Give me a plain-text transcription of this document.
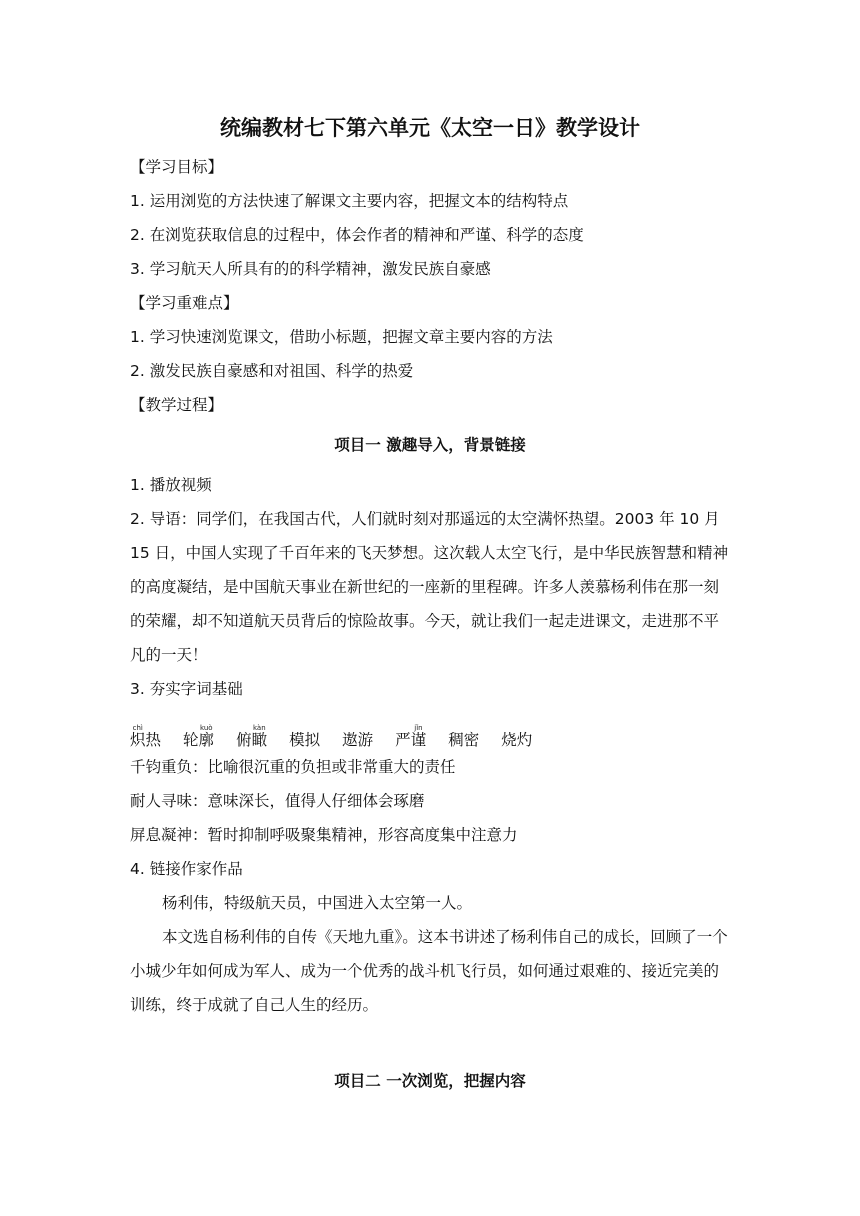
统编教材七下第六单元《太空一日》教学设计
【学习目标】
1. 运用浏览的方法快速了解课文主要内容，把握文本的结构特点
2. 在浏览获取信息的过程中，体会作者的精神和严谨、科学的态度
3. 学习航天人所具有的的科学精神，激发民族自豪感
【学习重难点】
1. 学习快速浏览课文，借助小标题，把握文章主要内容的方法
2. 激发民族自豪感和对祖国、科学的热爱
【教学过程】
项目一 激趣导入，背景链接
1. 播放视频

2. 导语：同学们，在我国古代，人们就时刻对那遥远的太空满怀热望。2003 年 10 月 15 日，中国人实现了千百年来的飞天梦想。这次载人太空飞行，是中华民族智慧和精神的高度凝结，是中国航天事业在新世纪的一座新的里程碑。许多人羡慕杨利伟在那一刻的荣耀，却不知道航天员背后的惊险故事。今天，就让我们一起走进课文，走进那不平凡的一天！

3. 夯实字词基础
chì
炽 热 轮
kuò
廓 俯
kàn
瞰 模 拟 遨 游 严
jǐn
谨 稠 密 烧 灼
千钧重负：比喻很沉重的负担或非常重大的责任
耐人寻味：意味深长，值得人仔细体会琢磨
屏息凝神：暂时抑制呼吸聚集精神，形容高度集中注意力
4. 链接作家作品

杨利伟，特级航天员，中国进入太空第一人。

本文选自杨利伟的自传《天地九重》。这本书讲述了杨利伟自己的成长，回顾了一个小城少年如何成为军人、成为一个优秀的战斗机飞行员，如何通过艰难的、接近完美的训练，终于成就了自己人生的经历。

项目二 一次浏览，把握内容
